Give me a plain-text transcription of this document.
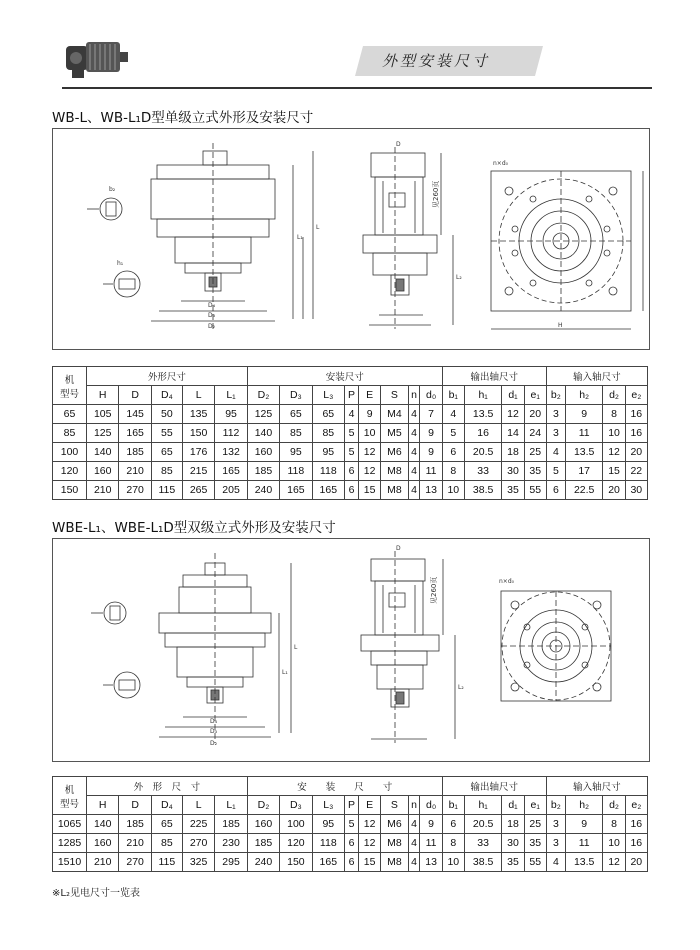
外型安装尺寸
WB-L、WB-L₁D型单级立式外形及安装尺寸
b₂
h₁
L₁
L
D₄
D₃
D₂
D
见260页
L₂
n×d₀
H
机
型号	外形尺寸					安装尺寸								输出轴尺寸				输入轴尺寸			
	H	D	D₄	L	L₁	D₂	D₃	L₃	P	E	S	n	d₀	b₁	h₁	d₁	e₁	b₂	h₂	d₂	e₂
65	105	145	50	135	95	125	65	65	4	9	M4	4	7	4	13.5	12	20	3	9	8	16
85	125	165	55	150	112	140	85	85	5	10	M5	4	9	5	16	14	24	3	11	10	16
100	140	185	65	176	132	160	95	95	5	12	M6	4	9	6	20.5	18	25	4	13.5	12	20
120	160	210	85	215	165	185	118	118	6	12	M8	4	11	8	33	30	35	5	17	15	22
150	210	270	115	265	205	240	165	165	6	15	M8	4	13	10	38.5	35	55	6	22.5	20	30
WBE-L₁、WBE-L₁D型双级立式外形及安装尺寸
L₁
L
D₄
D₃
D₂
D
见260页
L₂
n×d₀
机
型号	外　形　尺　寸					安　　装　　尺　　寸								输出轴尺寸				输入轴尺寸			
	H	D	D₄	L	L₁	D₂	D₃	L₃	P	E	S	n	d₀	b₁	h₁	d₁	e₁	b₂	h₂	d₂	e₂
1065	140	185	65	225	185	160	100	95	5	12	M6	4	9	6	20.5	18	25	3	9	8	16
1285	160	210	85	270	230	185	120	118	6	12	M8	4	11	8	33	30	35	3	11	10	16
1510	210	270	115	325	295	240	150	165	6	15	M8	4	13	10	38.5	35	55	4	13.5	12	20
※L₂见电尺寸一览表
